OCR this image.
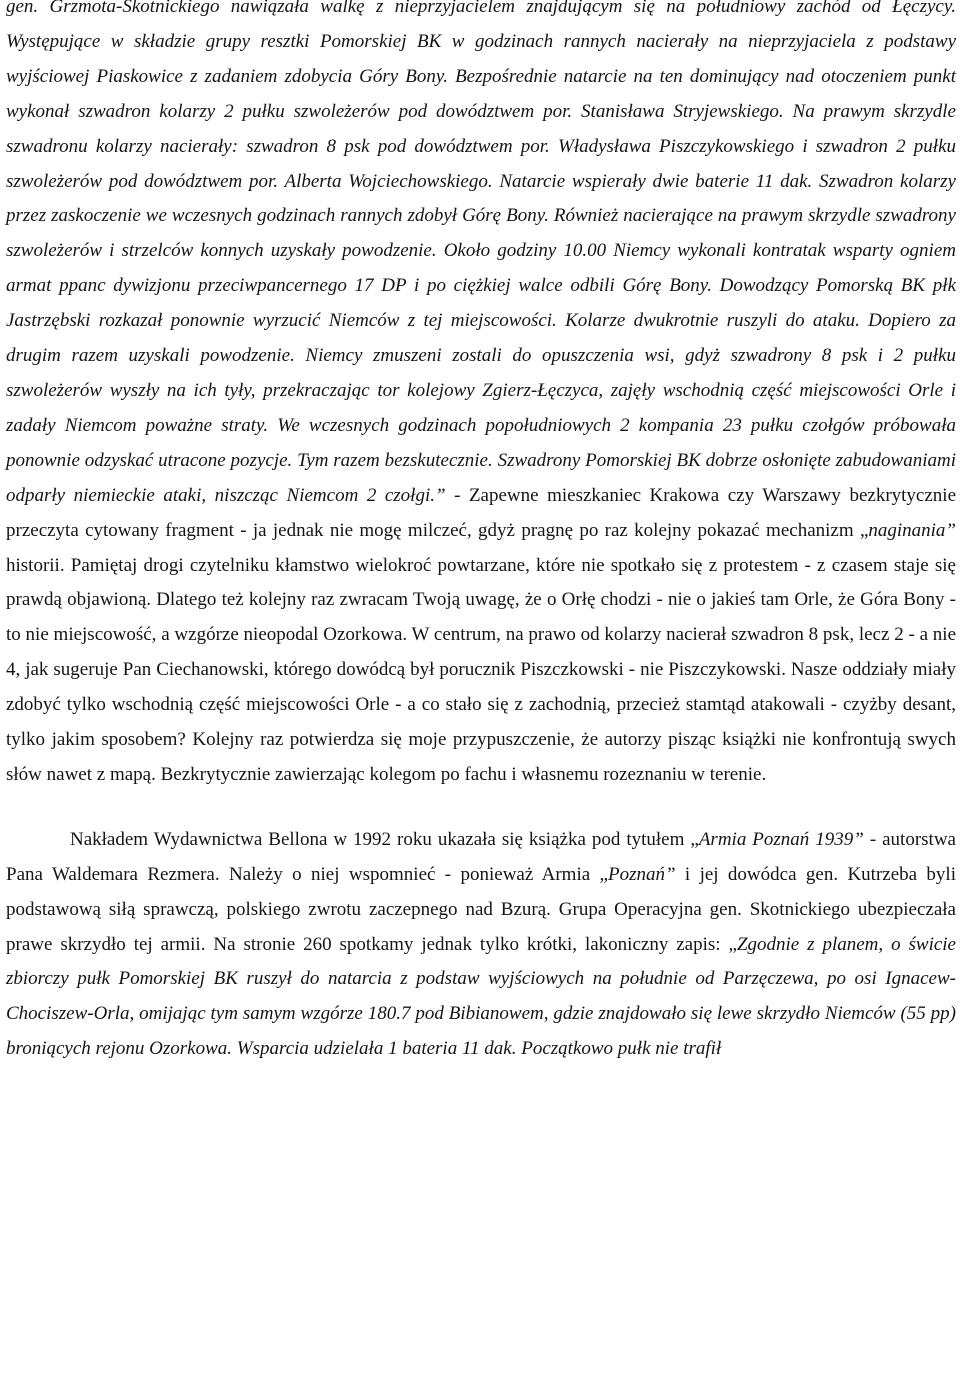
gen. Grzmota-Skotnickiego nawiązała walkę z nieprzyjacielem znajdującym się na południowy zachód od Łęczycy. Występujące w składzie grupy resztki Pomorskiej BK w godzinach rannych nacierały na nieprzyjaciela z podstawy wyjściowej Piaskowice z zadaniem zdobycia Góry Bony. Bezpośrednie natarcie na ten dominujący nad otoczeniem punkt wykonał szwadron kolarzy 2 pułku szwoleżerów pod dowództwem por. Stanisława Stryjewskiego. Na prawym skrzydle szwadronu kolarzy nacierały: szwadron 8 psk pod dowództwem por. Władysława Piszczykowskiego i szwadron 2 pułku szwoleżerów pod dowództwem por. Alberta Wojciechowskiego. Natarcie wspierały dwie baterie 11 dak. Szwadron kolarzy przez zaskoczenie we wczesnych godzinach rannych zdobył Górę Bony. Również nacierające na prawym skrzydle szwadrony szwoleżerów i strzelców konnych uzyskały powodzenie. Około godziny 10.00 Niemcy wykonali kontratak wsparty ogniem armat ppanc dywizjonu przeciwpancernego 17 DP i po ciężkiej walce odbili Górę Bony. Dowodzący Pomorską BK płk Jastrzębski rozkazał ponownie wyrzucić Niemców z tej miejscowości. Kolarze dwukrotnie ruszyli do ataku. Dopiero za drugim razem uzyskali powodzenie. Niemcy zmuszeni zostali do opuszczenia wsi, gdyż szwadrony 8 psk i 2 pułku szwoleżerów wyszły na ich tyły, przekraczając tor kolejowy Zgierz-Łęczyca, zajęły wschodnią część miejscowości Orle i zadały Niemcom poważne straty. We wczesnych godzinach popołudniowych 2 kompania 23 pułku czołgów próbowała ponownie odzyskać utracone pozycje. Tym razem bezskutecznie. Szwadrony Pomorskiej BK dobrze osłonięte zabudowaniami odparły niemieckie ataki, niszcząc Niemcom 2 czołgi.” - Zapewne mieszkaniec Krakowa czy Warszawy bezkrytycznie przeczyta cytowany fragment - ja jednak nie mogę milczeć, gdyż pragnę po raz kolejny pokazać mechanizm „naginania” historii. Pamiętaj drogi czytelniku kłamstwo wielokroć powtarzane, które nie spotkało się z protestem - z czasem staje się prawdą objawioną. Dlatego też kolejny raz zwracam Twoją uwagę, że o Orłę chodzi - nie o jakieś tam Orle, że Góra Bony - to nie miejscowość, a wzgórze nieopodal Ozorkowa. W centrum, na prawo od kolarzy nacierał szwadron 8 psk, lecz 2 - a nie 4, jak sugeruje Pan Ciechanowski, którego dowódcą był porucznik Piszczkowski - nie Piszczykowski. Nasze oddziały miały zdobyć tylko wschodnią część miejscowości Orle - a co stało się z zachodnią, przecież stamtąd atakowali - czyżby desant, tylko jakim sposobem? Kolejny raz potwierdza się moje przypuszczenie, że autorzy pisząc książki nie konfrontują swych słów nawet z mapą. Bezkrytycznie zawierzając kolegom po fachu i własnemu rozeznaniu w terenie.

Nakładem Wydawnictwa Bellona w 1992 roku ukazała się książka pod tytułem „Armia Poznań 1939” - autorstwa Pana Waldemara Rezmera. Należy o niej wspomnieć - ponieważ Armia „Poznań” i jej dowódca gen. Kutrzeba byli podstawową siłą sprawczą, polskiego zwrotu zaczepnego nad Bzurą. Grupa Operacyjna gen. Skotnickiego ubezpieczała prawe skrzydło tej armii. Na stronie 260 spotkamy jednak tylko krótki, lakoniczny zapis: „Zgodnie z planem, o świcie zbiorczy pułk Pomorskiej BK ruszył do natarcia z podstaw wyjściowych na południe od Parzęczewa, po osi Ignacew-Chociszew-Orla, omijając tym samym wzgórze 180.7 pod Bibianowem, gdzie znajdowało się lewe skrzydło Niemców (55 pp) broniących rejonu Ozorkowa. Wsparcia udzielała 1 bateria 11 dak. Początkowo pułk nie trafił
